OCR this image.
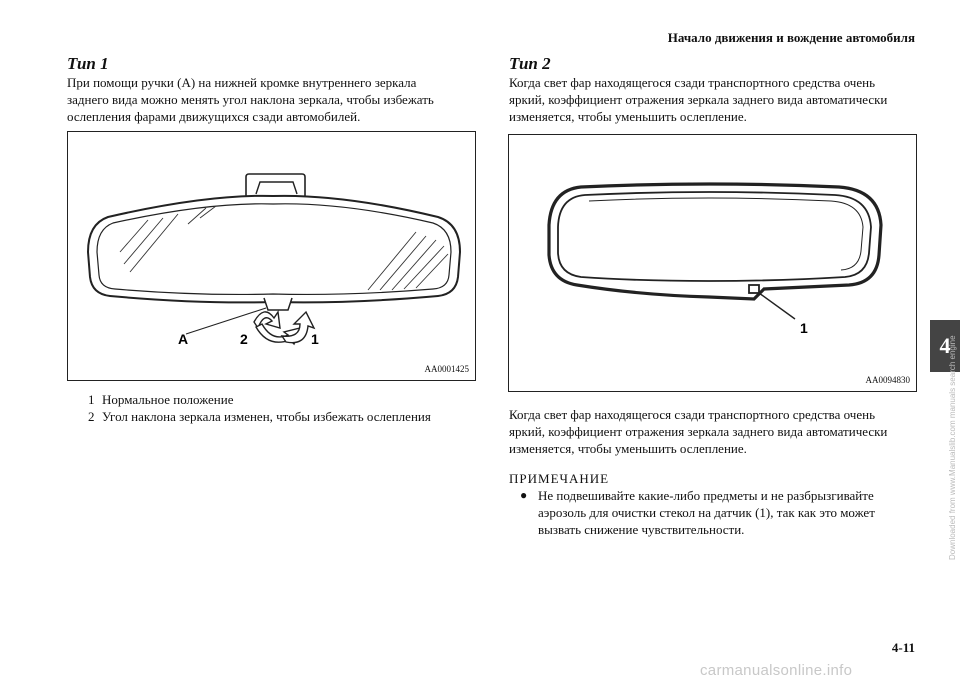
Начало движения и вождение автомобиля
Тип 1
При помощи ручки (A) на нижней кромке внутреннего зеркала
заднего вида можно менять угол наклона зеркала, чтобы избежать
ослепления фарами движущихся сзади автомобилей.
A	2	1
AA0001425
1 Нормальное положение
2 Угол наклона зеркала изменен, чтобы избежать ослепления
Тип 2
Когда свет фар находящегося сзади транспортного средства очень
яркий, коэффициент отражения зеркала заднего вида автоматически
изменяется, чтобы уменьшить ослепление.
1
AA0094830
Когда свет фар находящегося сзади транспортного средства очень
яркий, коэффициент отражения зеркала заднего вида автоматически
изменяется, чтобы уменьшить ослепление.
ПРИМЕЧАНИЕ
● Не подвешивайте какие-либо предметы и не разбрызгивайте
аэрозоль для очистки стекол на датчик (1), так как это может
вызвать снижение чувствительности.
4
4-11
carmanualsonline.info
Downloaded from www.Manualslib.com manuals search engine
